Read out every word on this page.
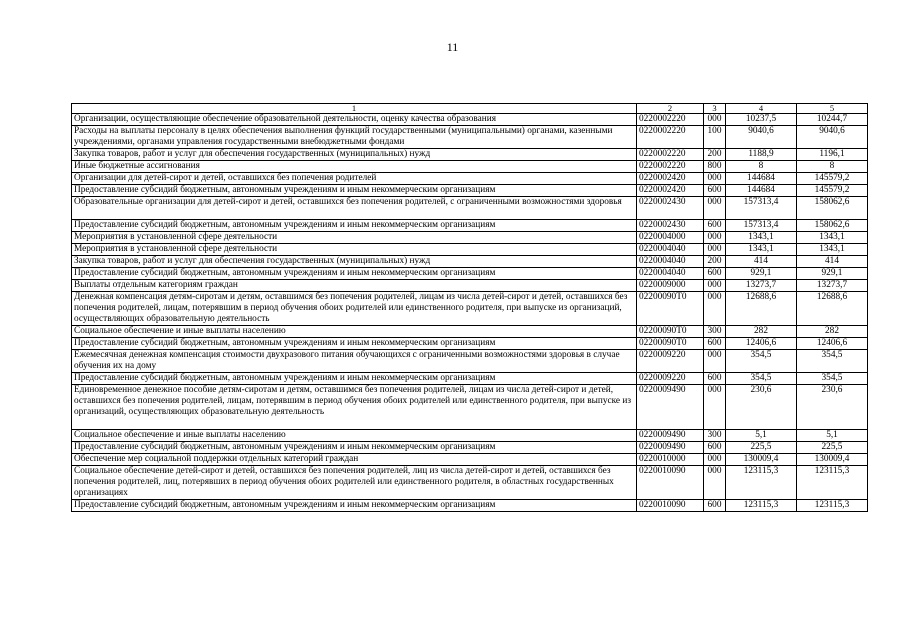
11
1	2	3	4	5
Организации, осуществляющие обеспечение образовательной деятельности, оценку качества образования	0220002220	000	10237,5	10244,7
Расходы на выплаты персоналу в целях обеспечения выполнения функций государственными (муниципальными) органами, казенными учреждениями, органами управления государственными внебюджетными фондами	0220002220	100	9040,6	9040,6
Закупка товаров, работ и услуг для обеспечения государственных (муниципальных) нужд	0220002220	200	1188,9	1196,1
Иные бюджетные ассигнования	0220002220	800	8	8
Организации для детей-сирот и детей, оставшихся без попечения родителей	0220002420	000	144684	145579,2
Предоставление субсидий бюджетным, автономным учреждениям и иным некоммерческим организациям	0220002420	600	144684	145579,2
Образовательные организации для детей-сирот и детей, оставшихся без попечения родителей, с ограниченными возможностями здоровья	0220002430	000	157313,4	158062,6
Предоставление субсидий бюджетным, автономным учреждениям и иным некоммерческим организациям	0220002430	600	157313,4	158062,6
Мероприятия в установленной сфере деятельности	0220004000	000	1343,1	1343,1
Мероприятия в установленной сфере деятельности	0220004040	000	1343,1	1343,1
Закупка товаров, работ и услуг для обеспечения государственных (муниципальных) нужд	0220004040	200	414	414
Предоставление субсидий бюджетным, автономным учреждениям и иным некоммерческим организациям	0220004040	600	929,1	929,1
Выплаты отдельным категориям граждан	0220009000	000	13273,7	13273,7
Денежная компенсация детям-сиротам и детям, оставшимся без попечения родителей, лицам из числа детей-сирот и детей, оставшихся без попечения родителей, лицам, потерявшим в период обучения обоих родителей или единственного родителя, при выпуске из организаций, осуществляющих образовательную деятельность	02200090Т0	000	12688,6	12688,6
Социальное обеспечение и иные выплаты населению	02200090Т0	300	282	282
Предоставление субсидий бюджетным, автономным учреждениям и иным некоммерческим организациям	02200090Т0	600	12406,6	12406,6
Ежемесячная денежная компенсация стоимости двухразового питания обучающихся с ограниченными возможностями здоровья в случае обучения их на дому	0220009220	000	354,5	354,5
Предоставление субсидий бюджетным, автономным учреждениям и иным некоммерческим организациям	0220009220	600	354,5	354,5
Единовременное денежное пособие детям-сиротам и детям, оставшимся без попечения родителей, лицам из числа детей-сирот и детей, оставшихся без попечения родителей, лицам, потерявшим в период обучения обоих родителей или единственного родителя, при выпуске из организаций, осуществляющих образовательную деятельность	0220009490	000	230,6	230,6
Социальное обеспечение и иные выплаты населению	0220009490	300	5,1	5,1
Предоставление субсидий бюджетным, автономным учреждениям и иным некоммерческим организациям	0220009490	600	225,5	225,5
Обеспечение мер социальной поддержки отдельных категорий граждан	0220010000	000	130009,4	130009,4
Социальное обеспечение детей-сирот и детей, оставшихся без попечения родителей, лиц из числа детей-сирот и детей, оставшихся без попечения родителей, лиц, потерявших в период обучения обоих родителей или единственного родителя, в областных государственных организациях	0220010090	000	123115,3	123115,3
Предоставление субсидий бюджетным, автономным учреждениям и иным некоммерческим организациям	0220010090	600	123115,3	123115,3
